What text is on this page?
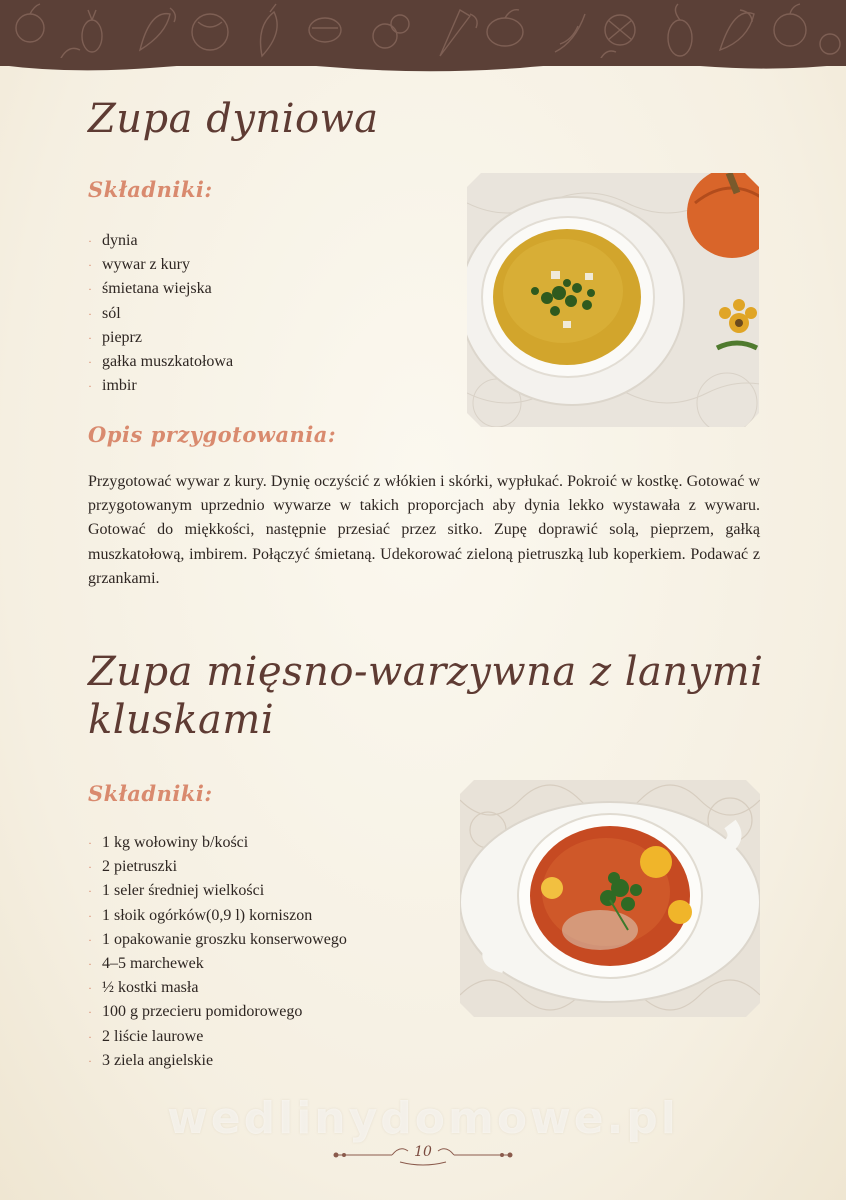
Zupa dyniowa
Składniki:
· dynia
· wywar z kury
· śmietana wiejska
· sól
· pieprz
· gałka muszkatołowa
· imbir
Opis przygotowania:

Przygotować wywar z kury. Dynię oczyścić z włókien i skórki, wypłukać. Pokroić w kostkę. Gotować w przygotowanym uprzednio wywarze w takich proporcjach aby dynia lekko wystawała z wywaru. Gotować do miękkości, następnie przesiać przez sitko. Zupę doprawić solą, pieprzem, gałką muszkatołową, imbirem. Połączyć śmietaną. Udekorować zieloną pietruszką lub koperkiem. Podawać z grzankami.

Zupa mięsno-warzywna z lanymi
kluskami
Składniki:
· 1 kg wołowiny b/kości
· 2 pietruszki
· 1 seler średniej wielkości
· 1 słoik ogórków(0,9 l) korniszon
· 1 opakowanie groszku konserwowego
· 4–5 marchewek
· ½ kostki masła
· 100 g przecieru pomidorowego
· 2 liście laurowe
· 3 ziela angielskie
wedlinydomowe.pl
10
